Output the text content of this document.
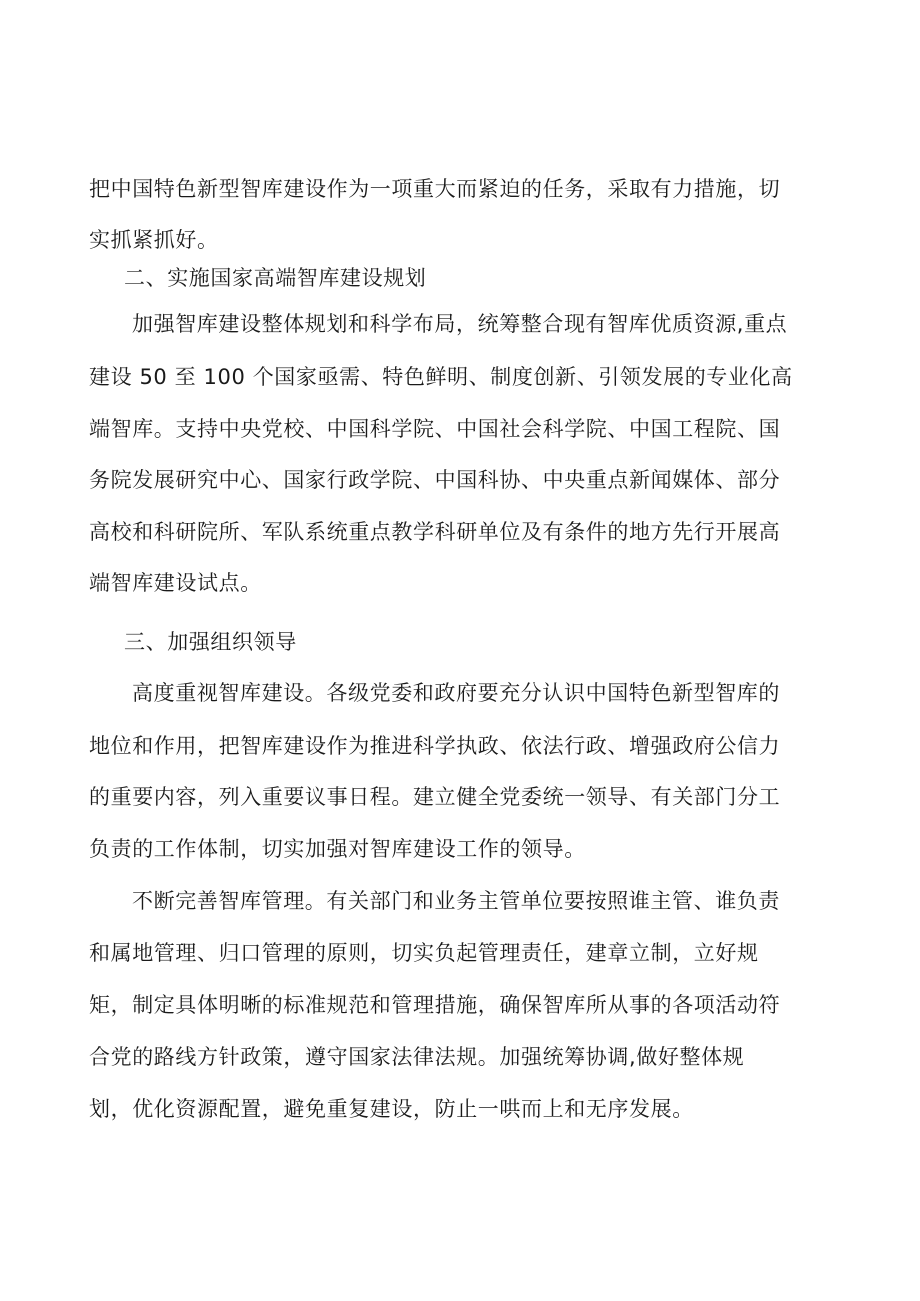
把中国特色新型智库建设作为一项重大而紧迫的任务，采取有力措施，切
实抓紧抓好。
二、实施国家高端智库建设规划
加强智库建设整体规划和科学布局，统筹整合现有智库优质资源,重点
建设 50 至 100 个国家亟需、特色鲜明、制度创新、引领发展的专业化高
端智库。支持中央党校、中国科学院、中国社会科学院、中国工程院、国
务院发展研究中心、国家行政学院、中国科协、中央重点新闻媒体、部分
高校和科研院所、军队系统重点教学科研单位及有条件的地方先行开展高
端智库建设试点。
三、加强组织领导
高度重视智库建设。各级党委和政府要充分认识中国特色新型智库的
地位和作用，把智库建设作为推进科学执政、依法行政、增强政府公信力
的重要内容，列入重要议事日程。建立健全党委统一领导、有关部门分工
负责的工作体制，切实加强对智库建设工作的领导。
不断完善智库管理。有关部门和业务主管单位要按照谁主管、谁负责
和属地管理、归口管理的原则，切实负起管理责任，建章立制，立好规
矩，制定具体明晰的标准规范和管理措施，确保智库所从事的各项活动符
合党的路线方针政策，遵守国家法律法规。加强统筹协调,做好整体规
划，优化资源配置，避免重复建设，防止一哄而上和无序发展。
